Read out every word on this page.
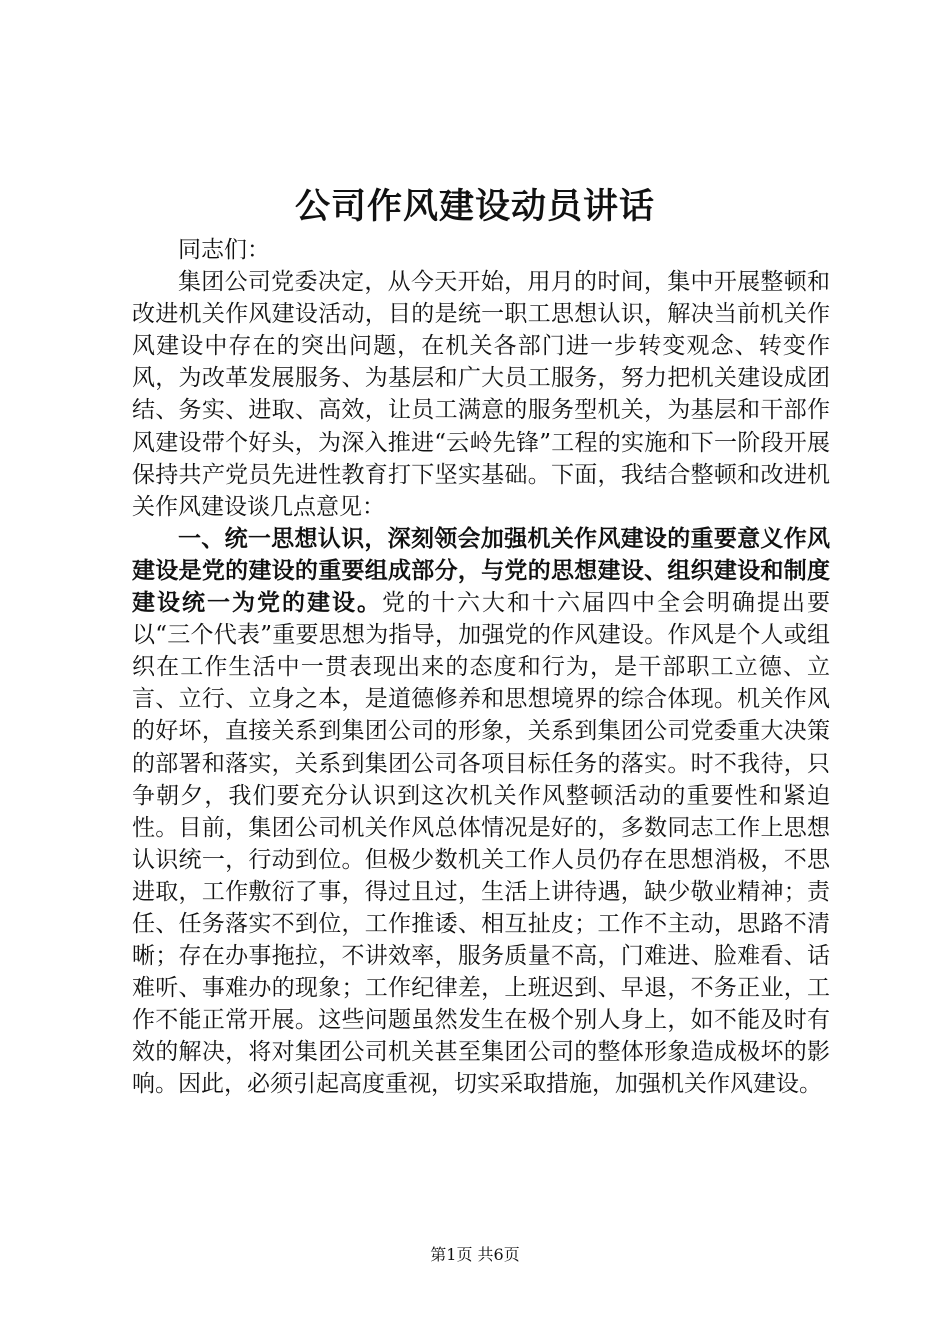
公司作风建设动员讲话

同志们：

集团公司党委决定，从今天开始，用月的时间，集中开展整顿和改进机关作风建设活动，目的是统一职工思想认识，解决当前机关作风建设中存在的突出问题，在机关各部门进一步转变观念、转变作风，为改革发展服务、为基层和广大员工服务，努力把机关建设成团结、务实、进取、高效，让员工满意的服务型机关，为基层和干部作风建设带个好头，为深入推进“云岭先锋”工程的实施和下一阶段开展保持共产党员先进性教育打下坚实基础。下面，我结合整顿和改进机关作风建设谈几点意见：

一、统一思想认识，深刻领会加强机关作风建设的重要意义作风建设是党的建设的重要组成部分，与党的思想建设、组织建设和制度建设统一为党的建设。党的十六大和十六届四中全会明确提出要以“三个代表”重要思想为指导，加强党的作风建设。作风是个人或组织在工作生活中一贯表现出来的态度和行为，是干部职工立德、立言、立行、立身之本，是道德修养和思想境界的综合体现。机关作风的好坏，直接关系到集团公司的形象，关系到集团公司党委重大决策的部署和落实，关系到集团公司各项目标任务的落实。时不我待，只争朝夕，我们要充分认识到这次机关作风整顿活动的重要性和紧迫性。目前，集团公司机关作风总体情况是好的，多数同志工作上思想认识统一，行动到位。但极少数机关工作人员仍存在思想消极，不思进取，工作敷衍了事，得过且过，生活上讲待遇，缺少敬业精神；责任、任务落实不到位，工作推诿、相互扯皮；工作不主动，思路不清晰；存在办事拖拉，不讲效率，服务质量不高，门难进、脸难看、话难听、事难办的现象；工作纪律差，上班迟到、早退，不务正业，工作不能正常开展。这些问题虽然发生在极个别人身上，如不能及时有效的解决，将对集团公司机关甚至集团公司的整体形象造成极坏的影响。因此，必须引起高度重视，切实采取措施，加强机关作风建设。

第1页 共6页
